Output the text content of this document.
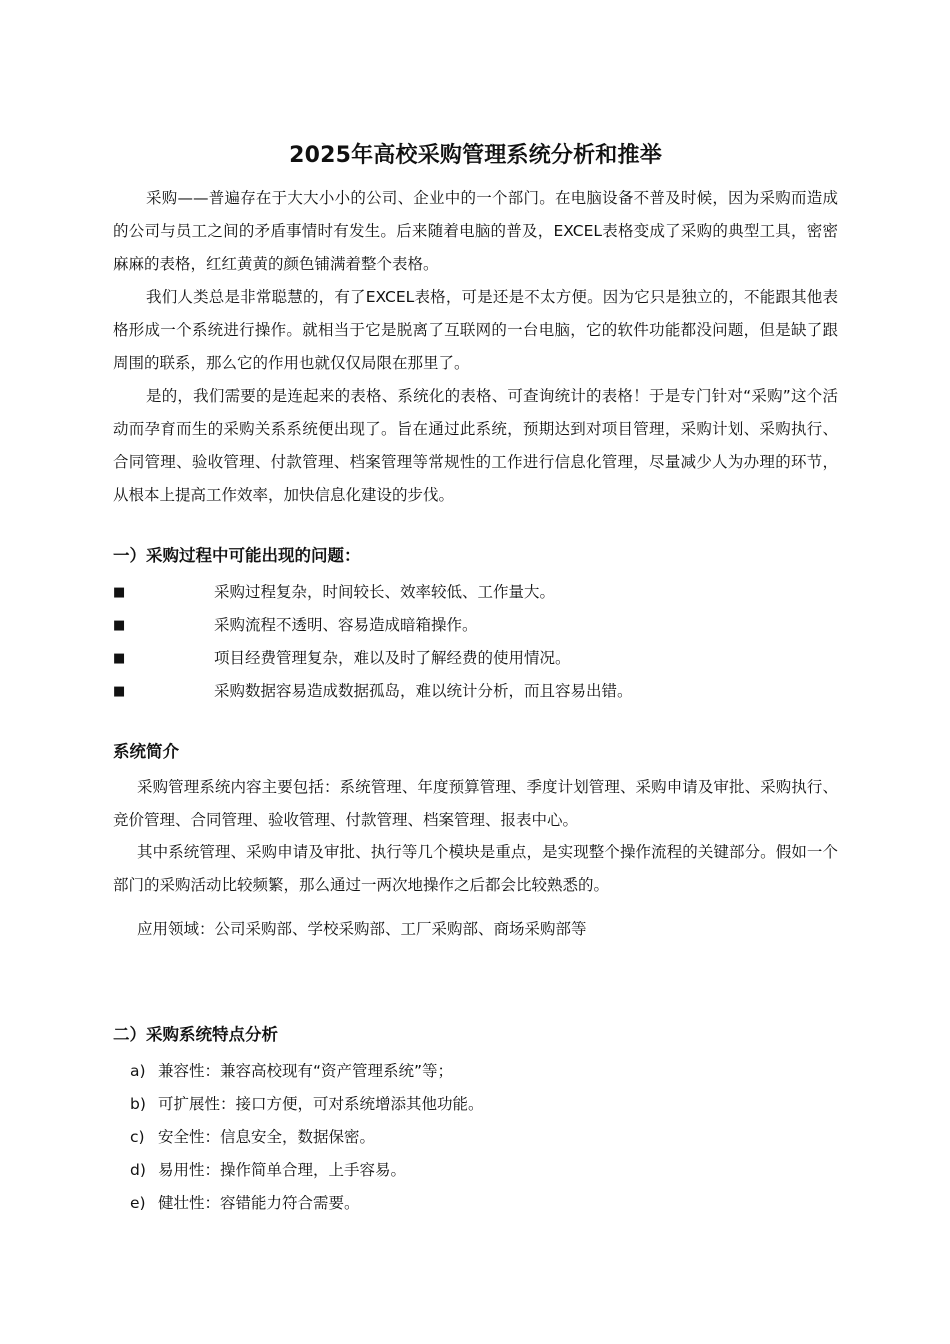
2025年高校采购管理系统分析和推举

采购——普遍存在于大大小小的公司、企业中的一个部门。在电脑设备不普及时候，因为采购而造成的公司与员工之间的矛盾事情时有发生。后来随着电脑的普及，EXCEL表格变成了采购的典型工具，密密麻麻的表格，红红黄黄的颜色铺满着整个表格。

我们人类总是非常聪慧的，有了EXCEL表格，可是还是不太方便。因为它只是独立的，不能跟其他表格形成一个系统进行操作。就相当于它是脱离了互联网的一台电脑，它的软件功能都没问题，但是缺了跟周围的联系，那么它的作用也就仅仅局限在那里了。

是的，我们需要的是连起来的表格、系统化的表格、可查询统计的表格！于是专门针对“采购”这个活动而孕育而生的采购关系系统便出现了。旨在通过此系统，预期达到对项目管理，采购计划、采购执行、合同管理、验收管理、付款管理、档案管理等常规性的工作进行信息化管理，尽量减少人为办理的环节，从根本上提高工作效率，加快信息化建设的步伐。

一）采购过程中可能出现的问题：
■	采购过程复杂，时间较长、效率较低、工作量大。
■	采购流程不透明、容易造成暗箱操作。
■	项目经费管理复杂，难以及时了解经费的使用情况。
■	采购数据容易造成数据孤岛，难以统计分析，而且容易出错。
系统简介

采购管理系统内容主要包括：系统管理、年度预算管理、季度计划管理、采购申请及审批、采购执行、竞价管理、合同管理、验收管理、付款管理、档案管理、报表中心。

其中系统管理、采购申请及审批、执行等几个模块是重点，是实现整个操作流程的关键部分。假如一个部门的采购活动比较频繁，那么通过一两次地操作之后都会比较熟悉的。

应用领域：公司采购部、学校采购部、工厂采购部、商场采购部等
二）采购系统特点分析
a) 兼容性：兼容高校现有“资产管理系统”等；
b) 可扩展性：接口方便，可对系统增添其他功能。
c) 安全性：信息安全，数据保密。
d) 易用性：操作简单合理，上手容易。
e) 健壮性：容错能力符合需要。
